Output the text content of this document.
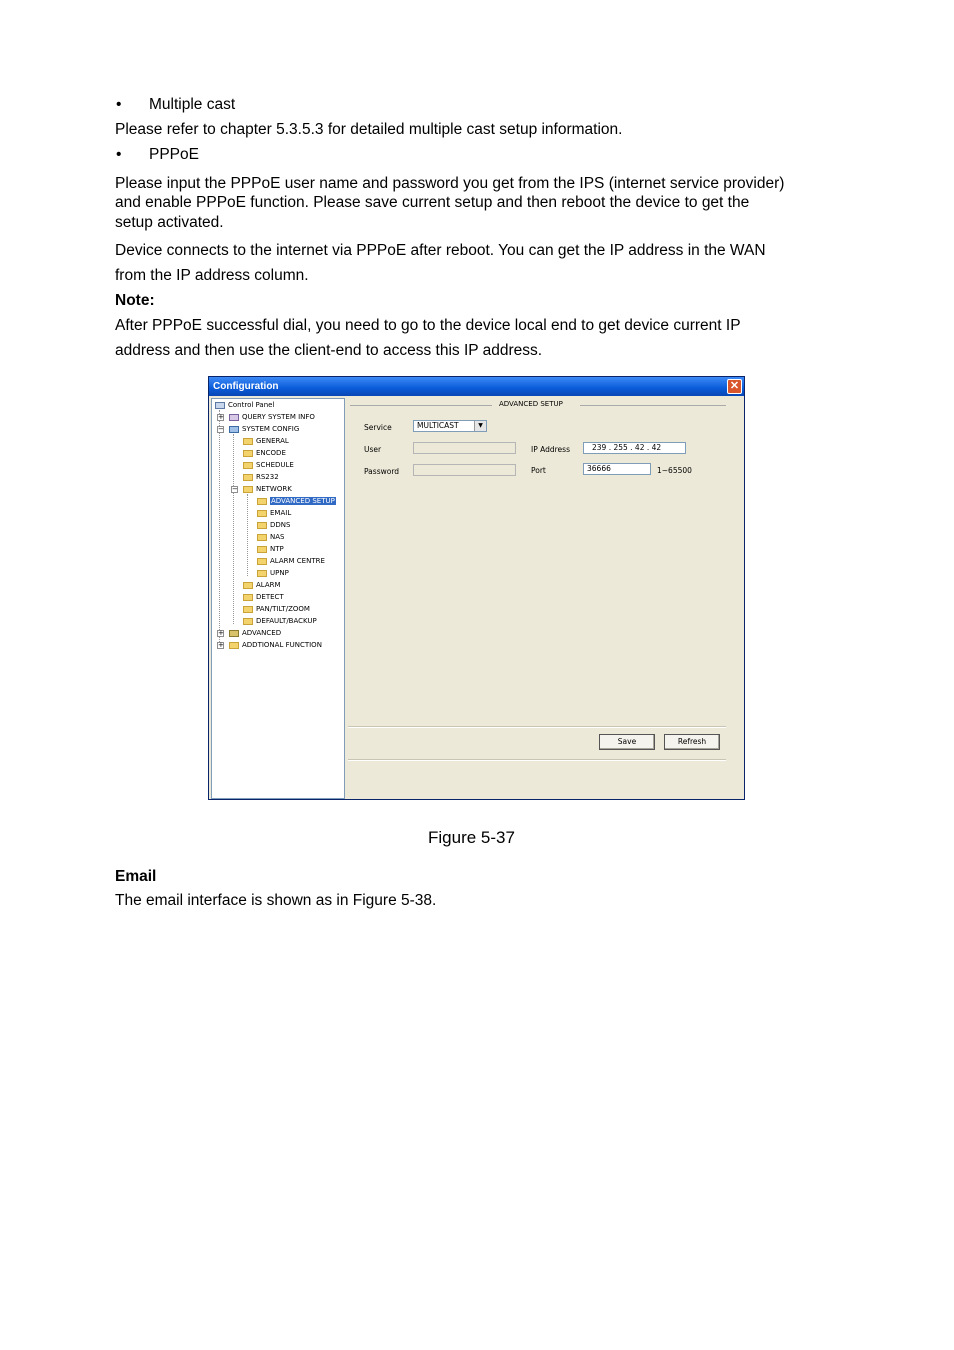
• Multiple cast
Please refer to chapter 5.3.5.3 for detailed multiple cast setup information.
• PPPoE
Please input the PPPoE user name and password you get from the IPS (internet service provider)
and enable PPPoE function. Please save current setup and then reboot the device to get the
setup activated.
Device connects to the internet via PPPoE after reboot. You can get the IP address in the WAN
from the IP address column.
Note:
After PPPoE successful dial, you need to go to the device local end to get device current IP
address and then use the client-end to access this IP address.
Configuration	✕
Control Panel
+	QUERY SYSTEM INFO
−	SYSTEM CONFIG
GENERAL
ENCODE
SCHEDULE
RS232
−	NETWORK
ADVANCED SETUP
EMAIL
DDNS
NAS
NTP
ALARM CENTRE
UPNP
ALARM
DETECT
PAN/TILT/ZOOM
DEFAULT/BACKUP
+	ADVANCED
+	ADDTIONAL FUNCTION
ADVANCED SETUP
Service	MULTICAST	▼
User
Password
IP Address	239 . 255 . 42 . 42
Port	36666	1~65500
Save	Refresh
Figure 5-37
Email
The email interface is shown as in Figure 5-38.
